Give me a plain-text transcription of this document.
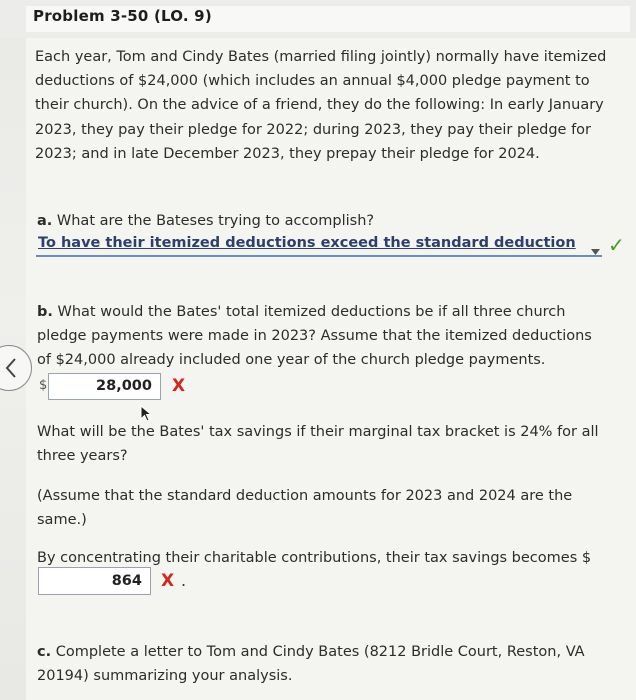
Problem 3-50 (LO. 9)
Each year, Tom and Cindy Bates (married filing jointly) normally have itemized deductions of $24,000 (which includes an annual $4,000 pledge payment to their church). On the advice of a friend, they do the following: In early January 2023, they pay their pledge for 2022; during 2023, they pay their pledge for 2023; and in late December 2023, they prepay their pledge for 2024.
a. What are the Bateses trying to accomplish?
To have their itemized deductions exceed the standard deduction ✓
b. What would the Bates' total itemized deductions be if all three church pledge payments were made in 2023? Assume that the itemized deductions of $24,000 already included one year of the church pledge payments.
$	28,000	X
What will be the Bates' tax savings if their marginal tax bracket is 24% for all three years?
(Assume that the standard deduction amounts for 2023 and 2024 are the same.)
By concentrating their charitable contributions, their tax savings becomes $
864	X .
c. Complete a letter to Tom and Cindy Bates (8212 Bridle Court, Reston, VA 20194) summarizing your analysis.
